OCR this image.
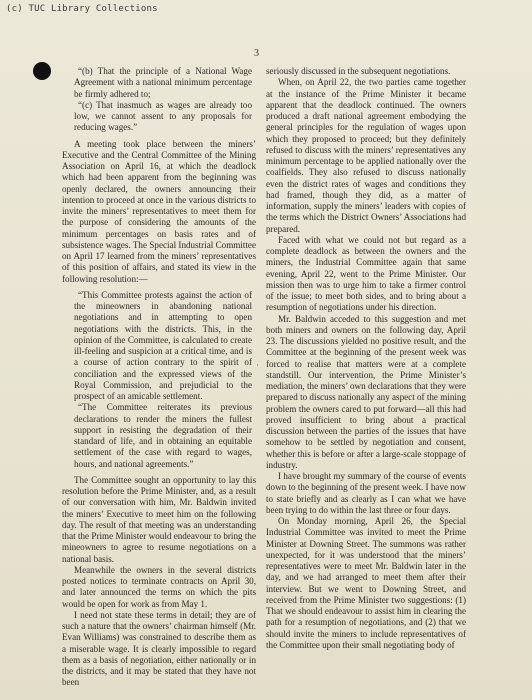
(c) TUC Library Collections
3
·

“(b) That the principle of a National Wage Agreement with a national minimum percentage be firmly adhered to;

“(c) That inasmuch as wages are already too low, we cannot assent to any proposals for reducing wages.”

A meeting took place between the miners’ Executive and the Central Committee of the Mining Association on April 16, at which the deadlock which had been apparent from the beginning was openly declared, the owners announcing their intention to proceed at once in the various districts to invite the miners’ representatives to meet them for the purpose of considering the amounts of the minimum percentages on basis rates and of subsistence wages. The Special Industrial Committee on April 17 learned from the miners’ representatives of this position of affairs, and stated its view in the following resolution:—

“This Committee protests against the action of the mineowners in abandoning national negotiations and in attempting to open negotiations with the districts. This, in the opinion of the Committee, is calculated to create ill-feeling and suspicion at a critical time, and is a course of action contrary to the spirit of conciliation and the expressed views of the Royal Commission, and prejudicial to the prospect of an amicable settlement.

“The Committee reiterates its previous declarations to render the miners the fullest support in resisting the degradation of their standard of life, and in obtaining an equitable settlement of the case with regard to wages, hours, and national agreements.”

The Committee sought an opportunity to lay this resolution before the Prime Minister, and, as a result of our conversation with him, Mr. Baldwin invited the miners’ Executive to meet him on the following day. The result of that meeting was an understanding that the Prime Minister would endeavour to bring the mineowners to agree to resume negotiations on a national basis.

Meanwhile the owners in the several districts posted notices to terminate contracts on April 30, and later announced the terms on which the pits would be open for work as from May 1.

I need not state these terms in detail; they are of such a nature that the owners’ chairman himself (Mr. Evan Williams) was constrained to describe them as a miserable wage. It is clearly impossible to regard them as a basis of negotiation, either nationally or in the districts, and it may be stated that they have not been

seriously discussed in the subsequent negotiations.

When, on April 22, the two parties came together at the instance of the Prime Minister it became apparent that the deadlock continued. The owners produced a draft national agreement embodying the general principles for the regulation of wages upon which they proposed to proceed; but they definitely refused to discuss with the miners’ representatives any minimum percentage to be applied nationally over the coalfields. They also refused to discuss nationally even the district rates of wages and conditions they had framed, though they did, as a matter of information, supply the miners’ leaders with copies of the terms which the District Owners’ Associations had prepared.

Faced with what we could not but regard as a complete deadlock as between the owners and the miners, the Industrial Committee again that same evening, April 22, went to the Prime Minister. Our mission then was to urge him to take a firmer control of the issue; to meet both sides, and to bring about a resumption of negotiations under his direction.

Mr. Baldwin acceded to this suggestion and met both miners and owners on the following day, April 23. The discussions yielded no positive result, and the Committee at the beginning of the present week was forced to realise that matters were at a complete standstill. Our intervention, the Prime Minister’s mediation, the miners’ own declarations that they were prepared to discuss nationally any aspect of the mining problem the owners cared to put forward—all this had proved insufficient to bring about a practical discussion between the parties of the issues that have somehow to be settled by negotiation and consent, whether this is before or after a large-scale stoppage of industry.

I have brought my summary of the course of events down to the beginning of the present week. I have now to state briefly and as clearly as I can what we have been trying to do within the last three or four days.

On Monday morning, April 26, the Special Industrial Committee was invited to meet the Prime Minister at Downing Street. The summons was rather unexpected, for it was understood that the miners’ representatives were to meet Mr. Baldwin later in the day, and we had arranged to meet them after their interview. But we went to Downing Street, and received from the Prime Minister two suggestions: (1) That we should endeavour to assist him in clearing the path for a resumption of negotiations, and (2) that we should invite the miners to include representatives of the Committee upon their small negotiating body of
